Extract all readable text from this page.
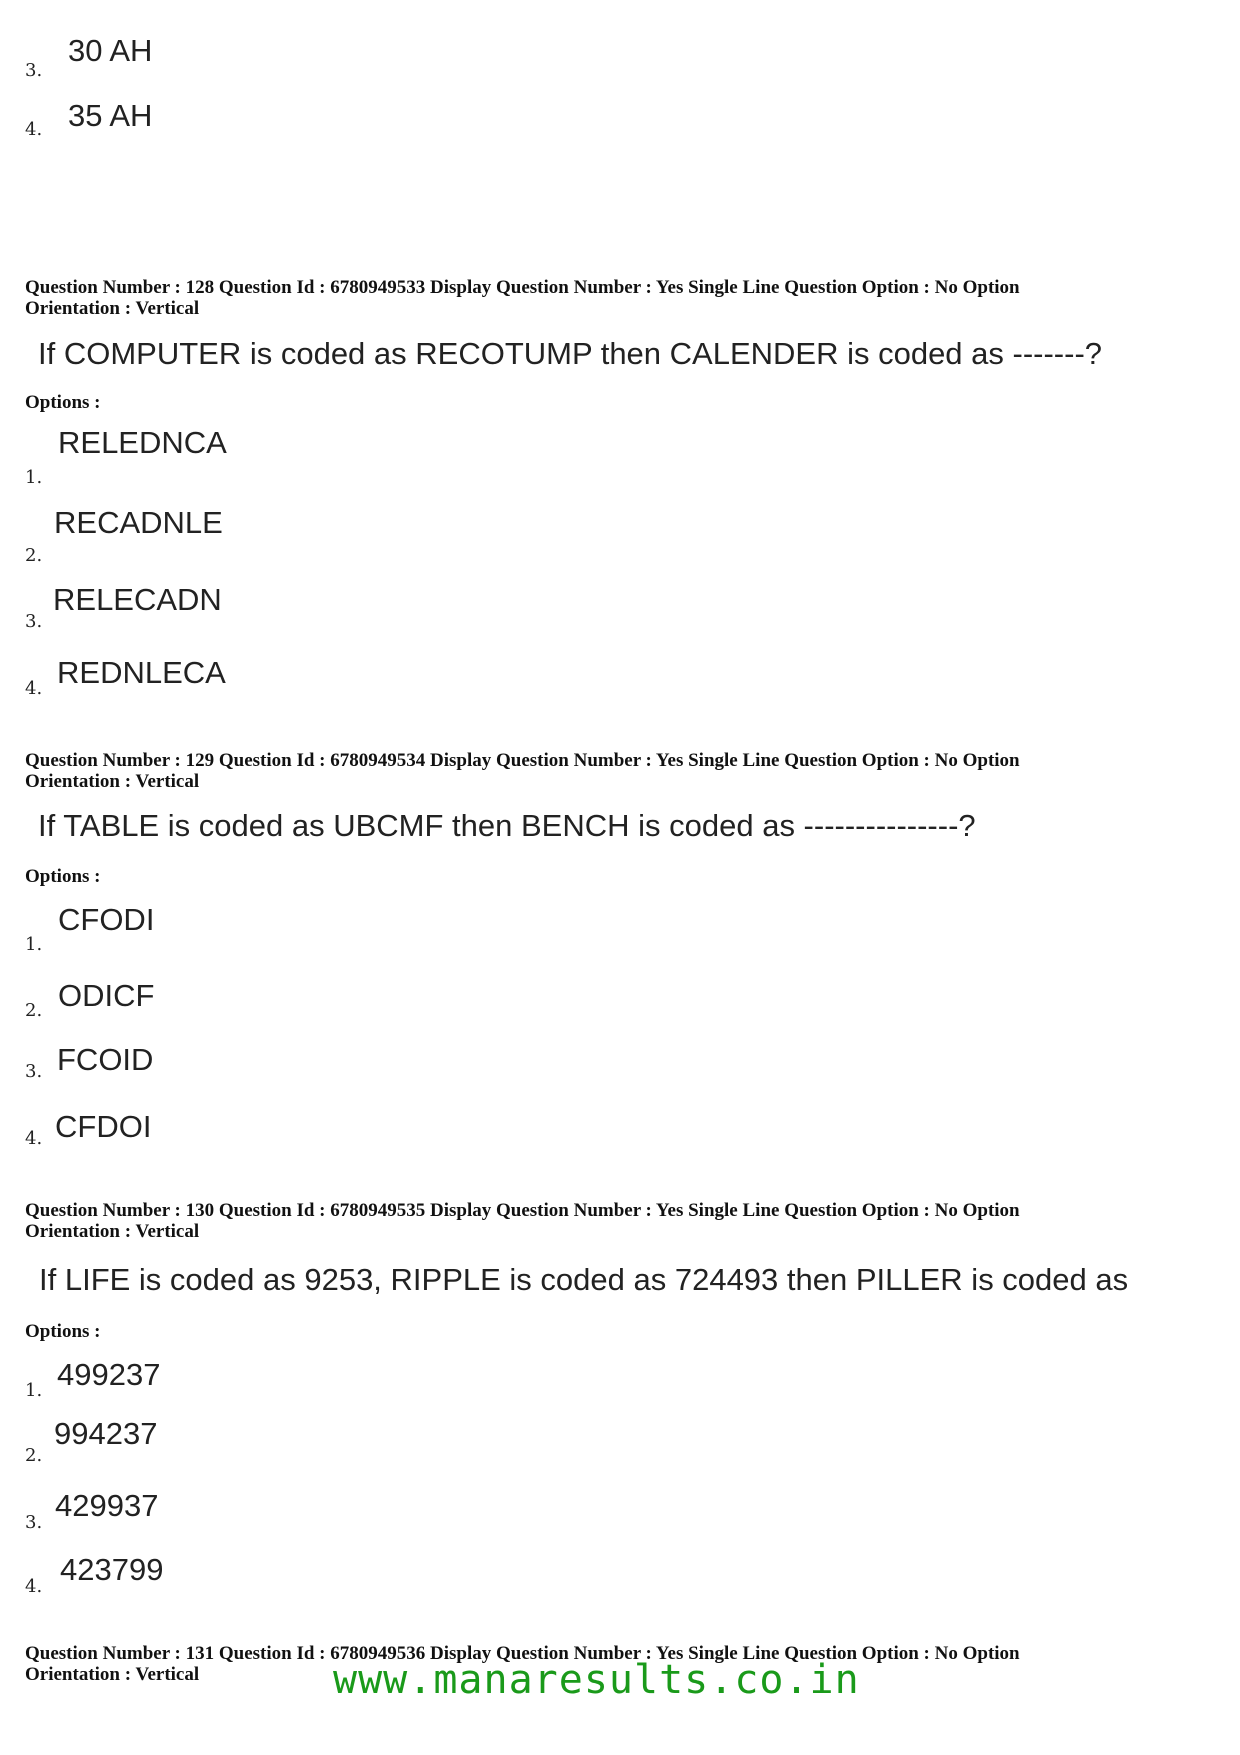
3.
30 AH
4. 35 AH
Question Number : 128 Question Id : 6780949533 Display Question Number : Yes Single Line Question Option : No Option
Orientation : Vertical
If COMPUTER is coded as RECOTUMP then CALENDER is coded as -------?
Options :
1.
RELEDNCA
2.
RECADNLE
3.
RELECADN
4. REDNLECA
Question Number : 129 Question Id : 6780949534 Display Question Number : Yes Single Line Question Option : No Option
Orientation : Vertical
If TABLE is coded as UBCMF then BENCH is coded as ---------------?
Options :
1.
CFODI
2. ODICF
3. FCOID
4. CFDOI
Question Number : 130 Question Id : 6780949535 Display Question Number : Yes Single Line Question Option : No Option
Orientation : Vertical
If LIFE is coded as 9253, RIPPLE is coded as 724493 then PILLER is coded as
Options :
1. 499237
2.
994237
3. 429937
4. 423799
Question Number : 131 Question Id : 6780949536 Display Question Number : Yes Single Line Question Option : No Option
Orientation : Vertical	www.manaresults.co.in
